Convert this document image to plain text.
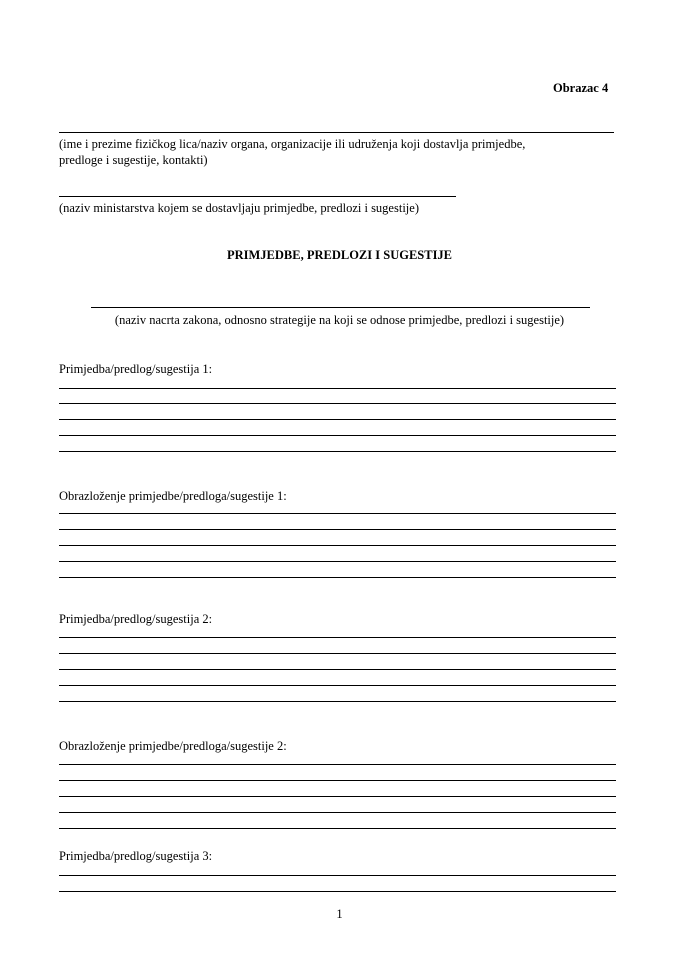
Obrazac 4
(ime i prezime fizičkog lica/naziv organa, organizacije ili udruženja koji dostavlja primjedbe,
predloge i sugestije, kontakti)
(naziv ministarstva kojem se dostavljaju primjedbe, predlozi i sugestije)
PRIMJEDBE, PREDLOZI I SUGESTIJE
(naziv nacrta zakona, odnosno strategije na koji se odnose primjedbe, predlozi i sugestije)
Primjedba/predlog/sugestija 1:
Obrazloženje primjedbe/predloga/sugestije 1:
Primjedba/predlog/sugestija 2:
Obrazloženje primjedbe/predloga/sugestije 2:
Primjedba/predlog/sugestija 3:
1
